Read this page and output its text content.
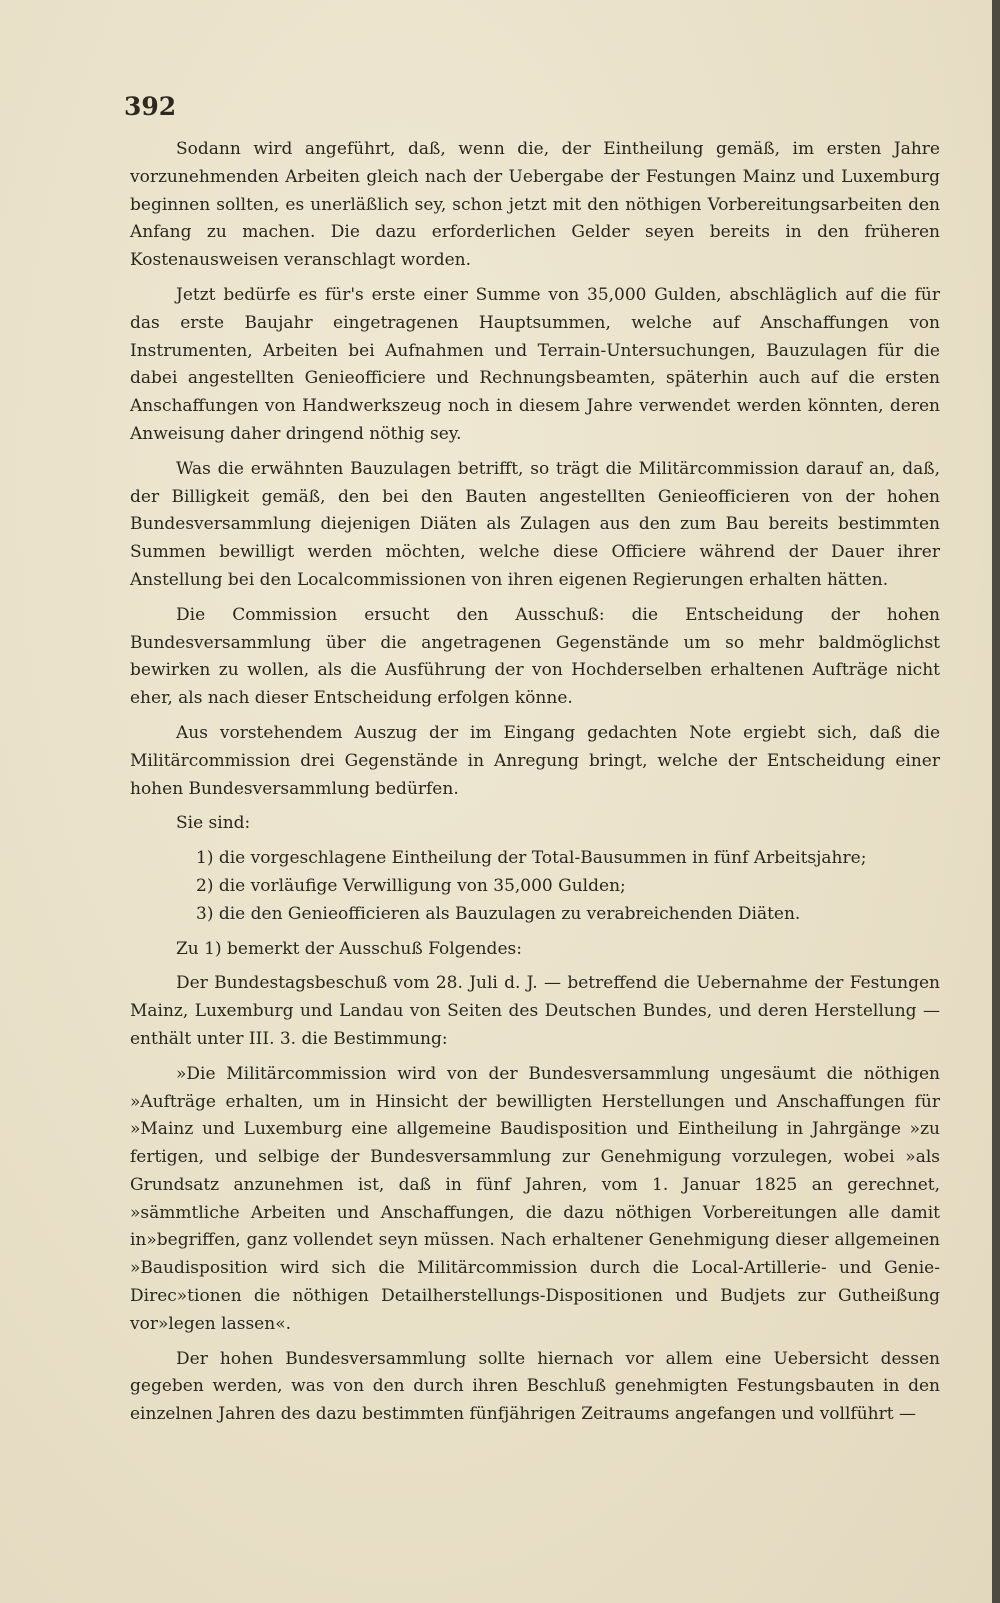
392

Sodann wird angeführt, daß, wenn die, der Eintheilung gemäß, im ersten Jahre vorzunehmenden Arbeiten gleich nach der Uebergabe der Festungen Mainz und Luxemburg beginnen sollten, es unerläßlich sey, schon jetzt mit den nöthigen Vorbereitungsarbeiten den Anfang zu machen. Die dazu erforderlichen Gelder seyen bereits in den früheren Kostenausweisen veranschlagt worden.

Jetzt bedürfe es für's erste einer Summe von 35,000 Gulden, abschläglich auf die für das erste Baujahr eingetragenen Hauptsummen, welche auf Anschaffungen von Instrumenten, Arbeiten bei Aufnahmen und Terrain-Untersuchungen, Bauzulagen für die dabei angestellten Genieofficiere und Rechnungsbeamten, späterhin auch auf die ersten Anschaffungen von Handwerkszeug noch in diesem Jahre verwendet werden könnten, deren Anweisung daher dringend nöthig sey.

Was die erwähnten Bauzulagen betrifft, so trägt die Militärcommission darauf an, daß, der Billigkeit gemäß, den bei den Bauten angestellten Genieofficieren von der hohen Bundesversammlung diejenigen Diäten als Zulagen aus den zum Bau bereits bestimmten Summen bewilligt werden möchten, welche diese Officiere während der Dauer ihrer Anstellung bei den Localcommissionen von ihren eigenen Regierungen erhalten hätten.

Die Commission ersucht den Ausschuß: die Entscheidung der hohen Bundesversammlung über die angetragenen Gegenstände um so mehr baldmöglichst bewirken zu wollen, als die Ausführung der von Hochderselben erhaltenen Aufträge nicht eher, als nach dieser Entscheidung erfolgen könne.

Aus vorstehendem Auszug der im Eingang gedachten Note ergiebt sich, daß die Militärcommission drei Gegenstände in Anregung bringt, welche der Entscheidung einer hohen Bundesversammlung bedürfen.

Sie sind:

1) die vorgeschlagene Eintheilung der Total-Bausummen in fünf Arbeitsjahre;

2) die vorläufige Verwilligung von 35,000 Gulden;

3) die den Genieofficieren als Bauzulagen zu verabreichenden Diäten.

Zu 1) bemerkt der Ausschuß Folgendes:

Der Bundestagsbeschuß vom 28. Juli d. J. — betreffend die Uebernahme der Festungen Mainz, Luxemburg und Landau von Seiten des Deutschen Bundes, und deren Herstellung — enthält unter III. 3. die Bestimmung:

»Die Militärcommission wird von der Bundesversammlung ungesäumt die nöthigen »Aufträge erhalten, um in Hinsicht der bewilligten Herstellungen und Anschaffungen für »Mainz und Luxemburg eine allgemeine Baudisposition und Eintheilung in Jahrgänge »zu fertigen, und selbige der Bundesversammlung zur Genehmigung vorzulegen, wobei »als Grundsatz anzunehmen ist, daß in fünf Jahren, vom 1. Januar 1825 an gerechnet, »sämmtliche Arbeiten und Anschaffungen, die dazu nöthigen Vorbereitungen alle damit in»begriffen, ganz vollendet seyn müssen. Nach erhaltener Genehmigung dieser allgemeinen »Baudisposition wird sich die Militärcommission durch die Local-Artillerie- und Genie-Direc»tionen die nöthigen Detailherstellungs-Dispositionen und Budjets zur Gutheißung vor»legen lassen«.

Der hohen Bundesversammlung sollte hiernach vor allem eine Uebersicht dessen gegeben werden, was von den durch ihren Beschluß genehmigten Festungsbauten in den einzelnen Jahren des dazu bestimmten fünfjährigen Zeitraums angefangen und vollführt —
